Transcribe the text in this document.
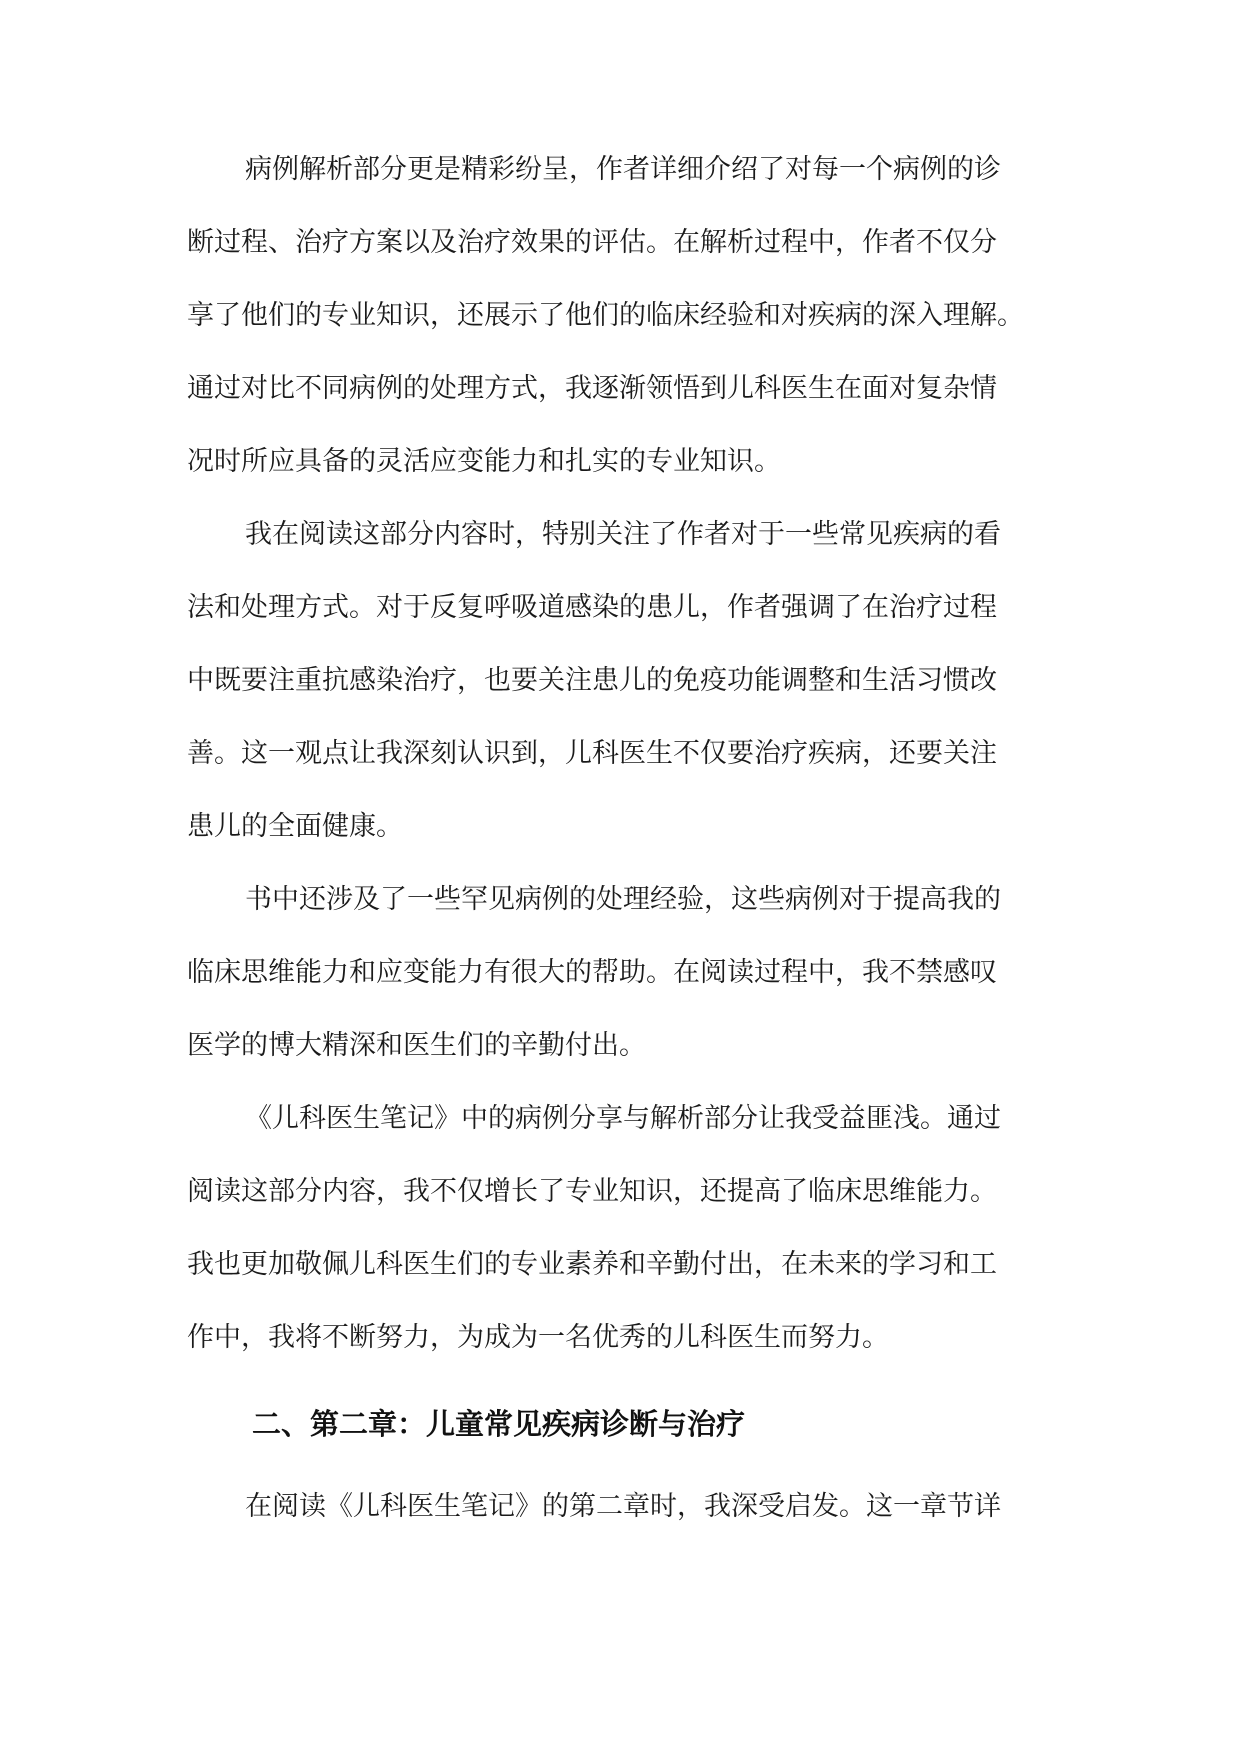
病例解析部分更是精彩纷呈，作者详细介绍了对每一个病例的诊

断过程、治疗方案以及治疗效果的评估。在解析过程中，作者不仅分

享了他们的专业知识，还展示了他们的临床经验和对疾病的深入理解。

通过对比不同病例的处理方式，我逐渐领悟到儿科医生在面对复杂情

况时所应具备的灵活应变能力和扎实的专业知识。

我在阅读这部分内容时，特别关注了作者对于一些常见疾病的看

法和处理方式。对于反复呼吸道感染的患儿，作者强调了在治疗过程

中既要注重抗感染治疗，也要关注患儿的免疫功能调整和生活习惯改

善。这一观点让我深刻认识到，儿科医生不仅要治疗疾病，还要关注

患儿的全面健康。

书中还涉及了一些罕见病例的处理经验，这些病例对于提高我的

临床思维能力和应变能力有很大的帮助。在阅读过程中，我不禁感叹

医学的博大精深和医生们的辛勤付出。

《儿科医生笔记》中的病例分享与解析部分让我受益匪浅。通过

阅读这部分内容，我不仅增长了专业知识，还提高了临床思维能力。

我也更加敬佩儿科医生们的专业素养和辛勤付出，在未来的学习和工

作中，我将不断努力，为成为一名优秀的儿科医生而努力。

二、第二章：儿童常见疾病诊断与治疗

在阅读《儿科医生笔记》的第二章时，我深受启发。这一章节详
